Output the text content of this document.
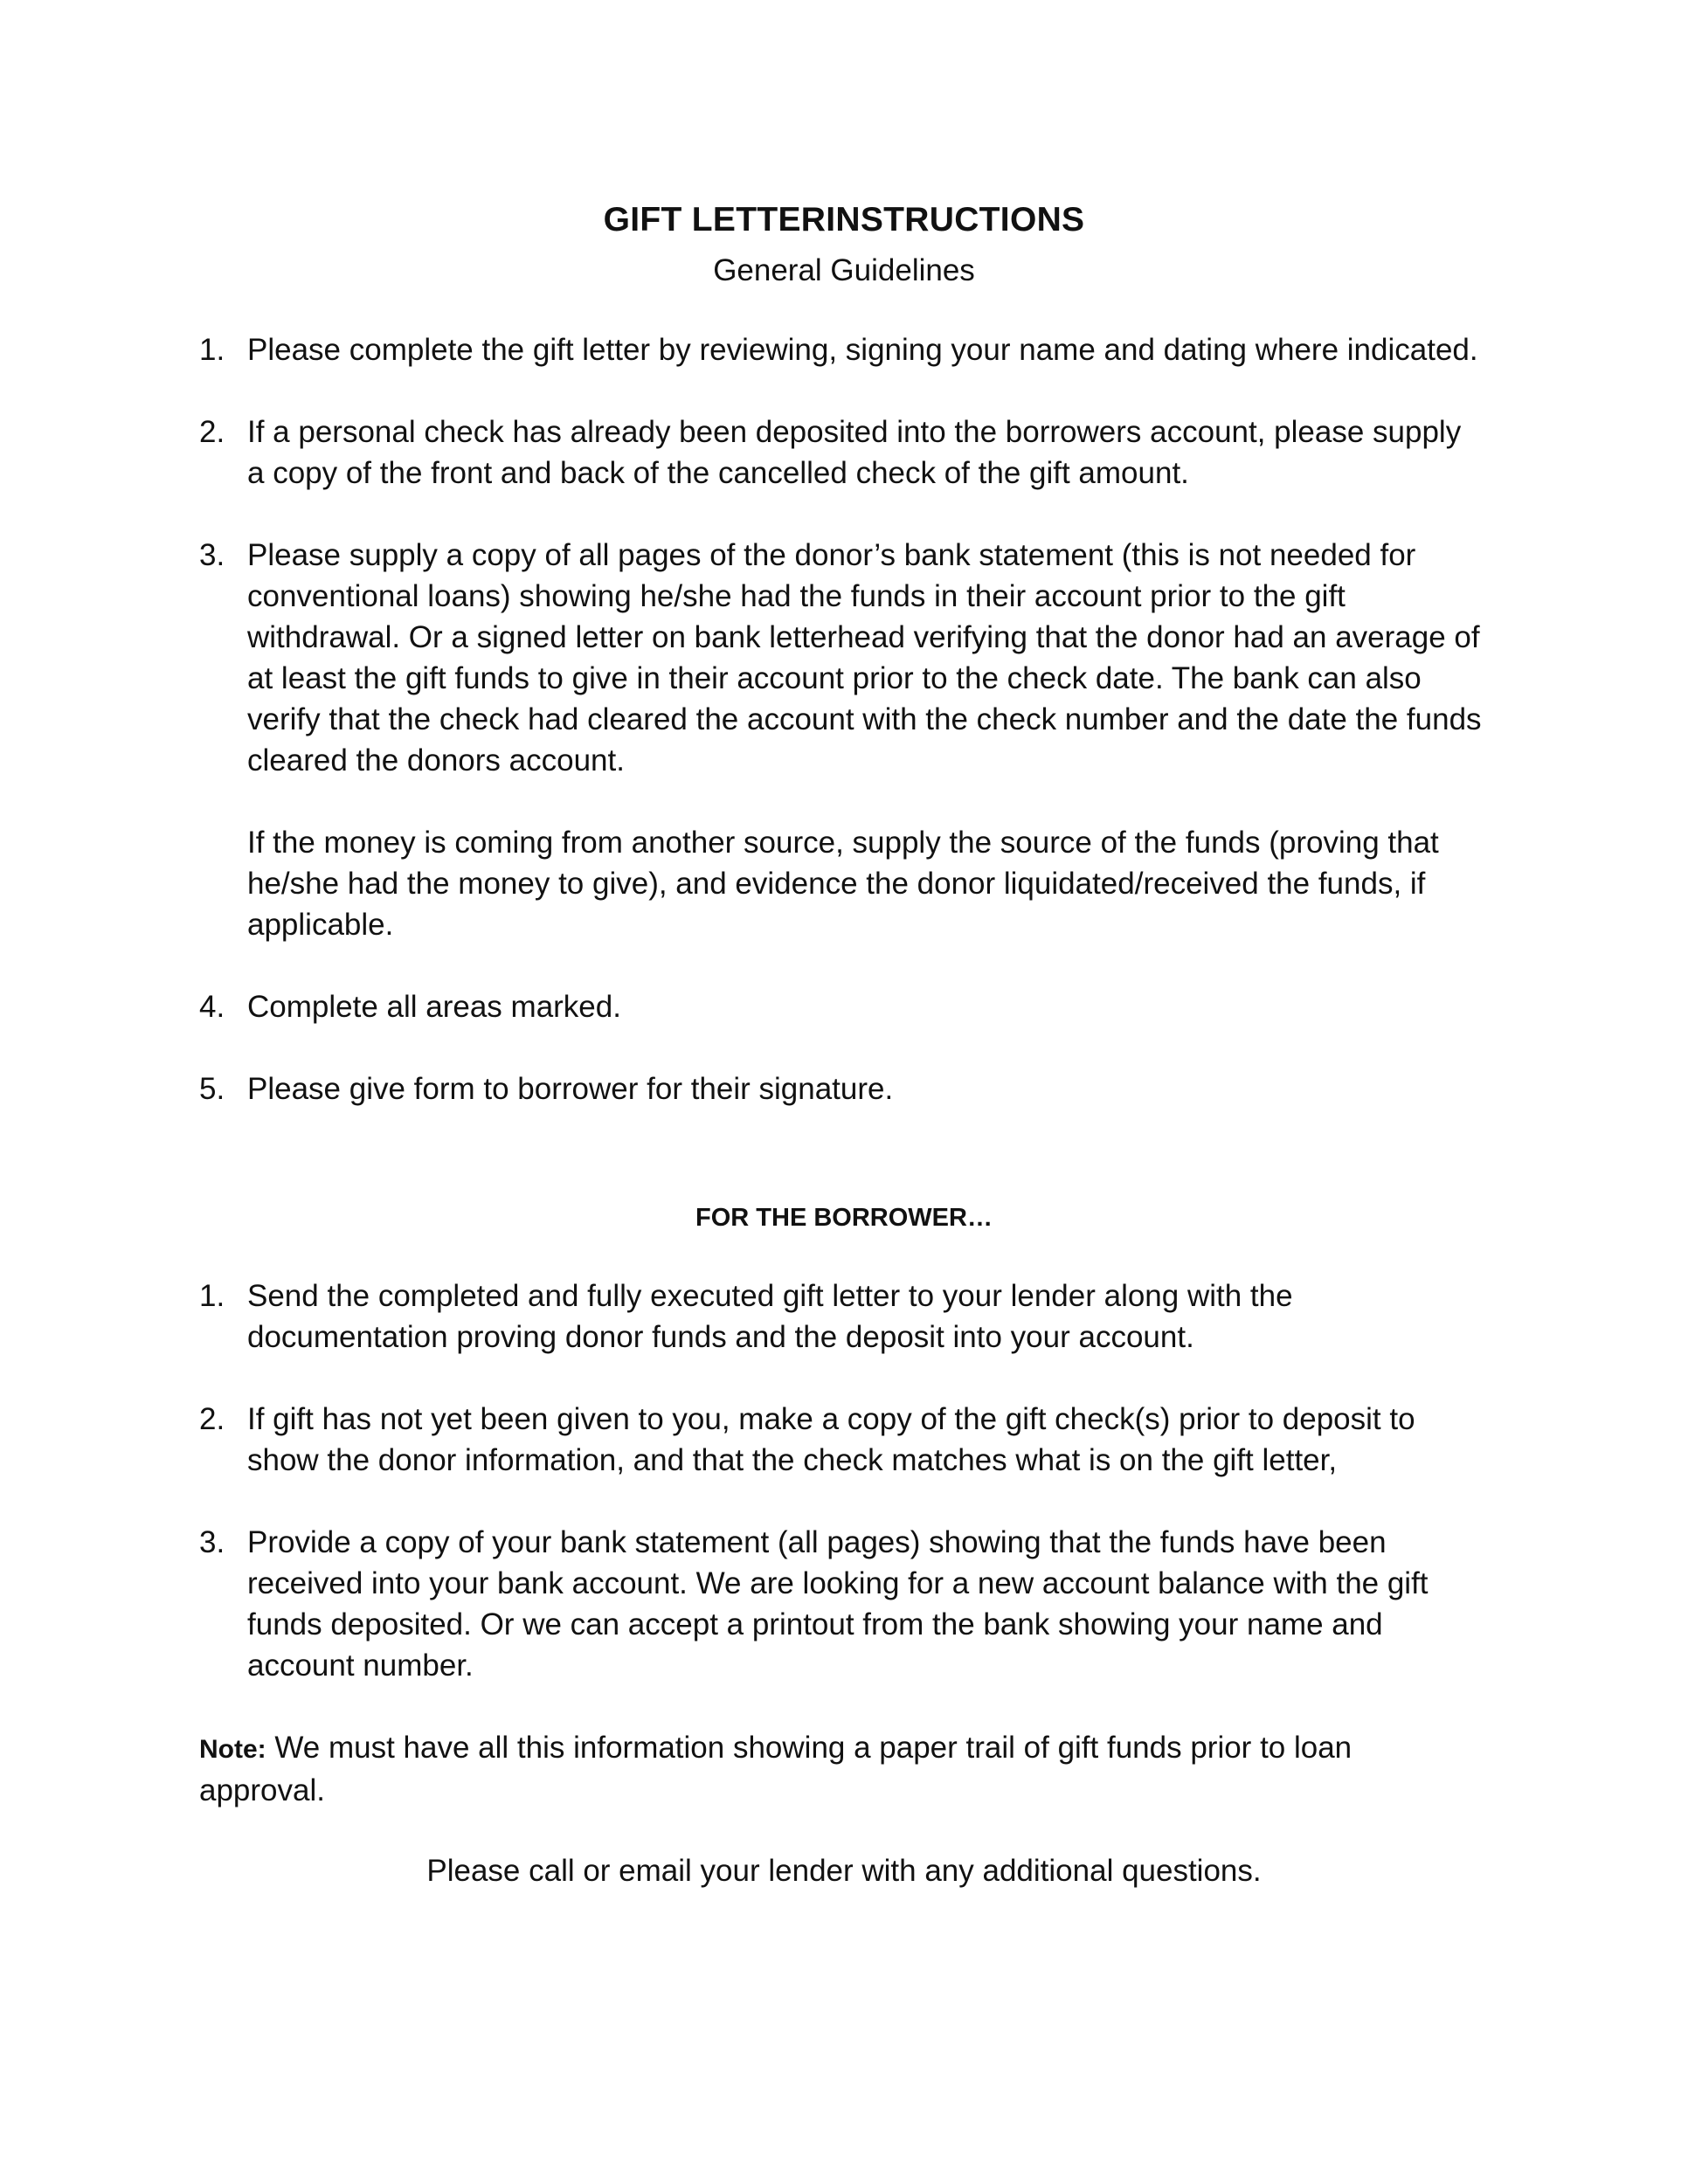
GIFT LETTERINSTRUCTIONS
General Guidelines
1. Please complete the gift letter by reviewing, signing your name and dating where indicated.
2. If a personal check has already been deposited into the borrowers account, please supply a copy of the front and back of the cancelled check of the gift amount.
3. Please supply a copy of all pages of the donor’s bank statement (this is not needed for conventional loans) showing he/she had the funds in their account prior to the gift withdrawal. Or a signed letter on bank letterhead verifying that the donor had an average of at least the gift funds to give in their account prior to the check date. The bank can also verify that the check had cleared the account with the check number and the date the funds cleared the donors account.
If the money is coming from another source, supply the source of the funds (proving that he/she had the money to give), and evidence the donor liquidated/received the funds, if applicable.
4. Complete all areas marked.
5. Please give form to borrower for their signature.
FOR THE BORROWER…
1. Send the completed and fully executed gift letter to your lender along with the documentation proving donor funds and the deposit into your account.
2. If gift has not yet been given to you, make a copy of the gift check(s) prior to deposit to show the donor information, and that the check matches what is on the gift letter,
3. Provide a copy of your bank statement (all pages) showing that the funds have been received into your bank account. We are looking for a new account balance with the gift funds deposited. Or we can accept a printout from the bank showing your name and account number.
Note: We must have all this information showing a paper trail of gift funds prior to loan approval.
Please call or email your lender with any additional questions.
